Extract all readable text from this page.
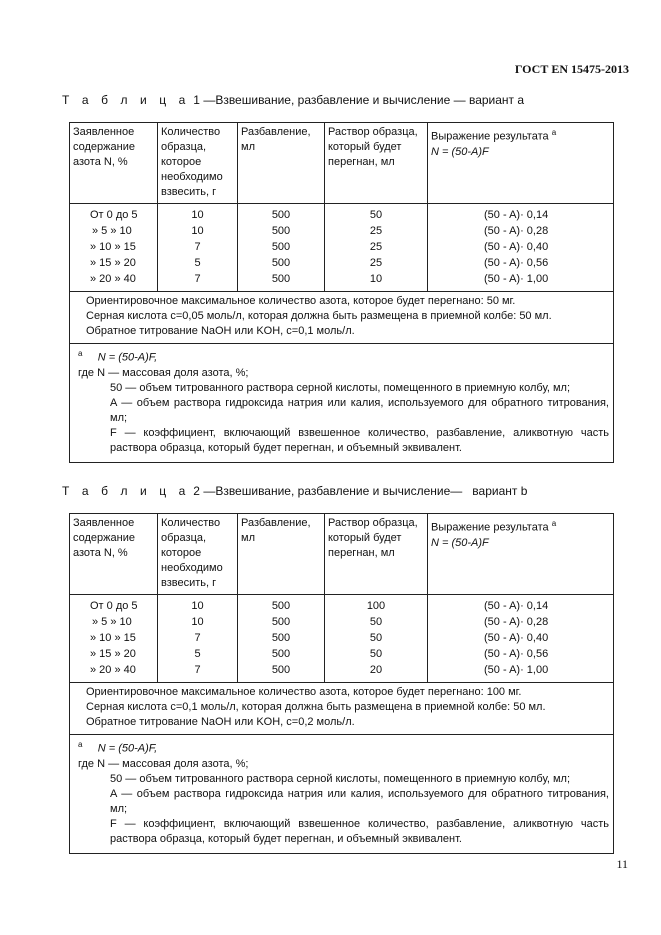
ГОСТ EN 15475-2013
Т а б л и ц а 1 —Взвешивание, разбавление и вычисление — вариант а
Заявленное содержание азота N, %
Количество образца, которое необходимо взвесить, г
Разбавление, мл
Раствор образца, который будет перегнан, мл
Выражение результата $^a$
N = (50-A)F
От 0 до 5
» 5 » 10
» 10 » 15
» 15 » 20
» 20 » 40
10
10
7
5
7
500
500
500
500
500
50
25
25
25
10
(50 - A)· 0,14
(50 - A)· 0,28
(50 - A)· 0,40
(50 - A)· 0,56
(50 - A)· 1,00
Ориентировочное максимальное количество азота, которое будет перегнано: 50 мг.
Серная кислота c=0,05 моль/л, которая должна быть размещена в приемной колбе: 50 мл.
Обратное титрование NaOH или KOH, c=0,1 моль/л.
$^a$ N = (50-A)F,
где N — массовая доля азота, %;
50 — объем титрованного раствора серной кислоты, помещенного в приемную колбу, мл;
A — объем раствора гидроксида натрия или калия, используемого для обратного титрования, мл;
F — коэффициент, включающий взвешенное количество, разбавление, аликвотную часть раствора образца, который будет перегнан, и объемный эквивалент.
Т а б л и ц а 2 —Взвешивание, разбавление и вычисление—   вариант b
Заявленное содержание азота N, %
Количество образца, которое необходимо взвесить, г
Разбавление, мл
Раствор образца, который будет перегнан, мл
Выражение результата $^a$
N = (50-A)F
От 0 до 5
» 5 » 10
» 10 » 15
» 15 » 20
» 20 » 40
10
10
7
5
7
500
500
500
500
500
100
50
50
50
20
(50 - A)· 0,14
(50 - A)· 0,28
(50 - A)· 0,40
(50 - A)· 0,56
(50 - A)· 1,00
Ориентировочное максимальное количество азота, которое будет перегнано: 100 мг.
Серная кислота c=0,1 моль/л, которая должна быть размещена в приемной колбе: 50 мл.
Обратное титрование NaOH или KOH, c=0,2 моль/л.
$^a$ N = (50-A)F,
где N — массовая доля азота, %;
50 — объем титрованного раствора серной кислоты, помещенного в приемную колбу, мл;
A — объем раствора гидроксида натрия или калия, используемого для обратного титрования, мл;
F — коэффициент, включающий взвешенное количество, разбавление, аликвотную часть раствора образца, который будет перегнан, и объемный эквивалент.
11
